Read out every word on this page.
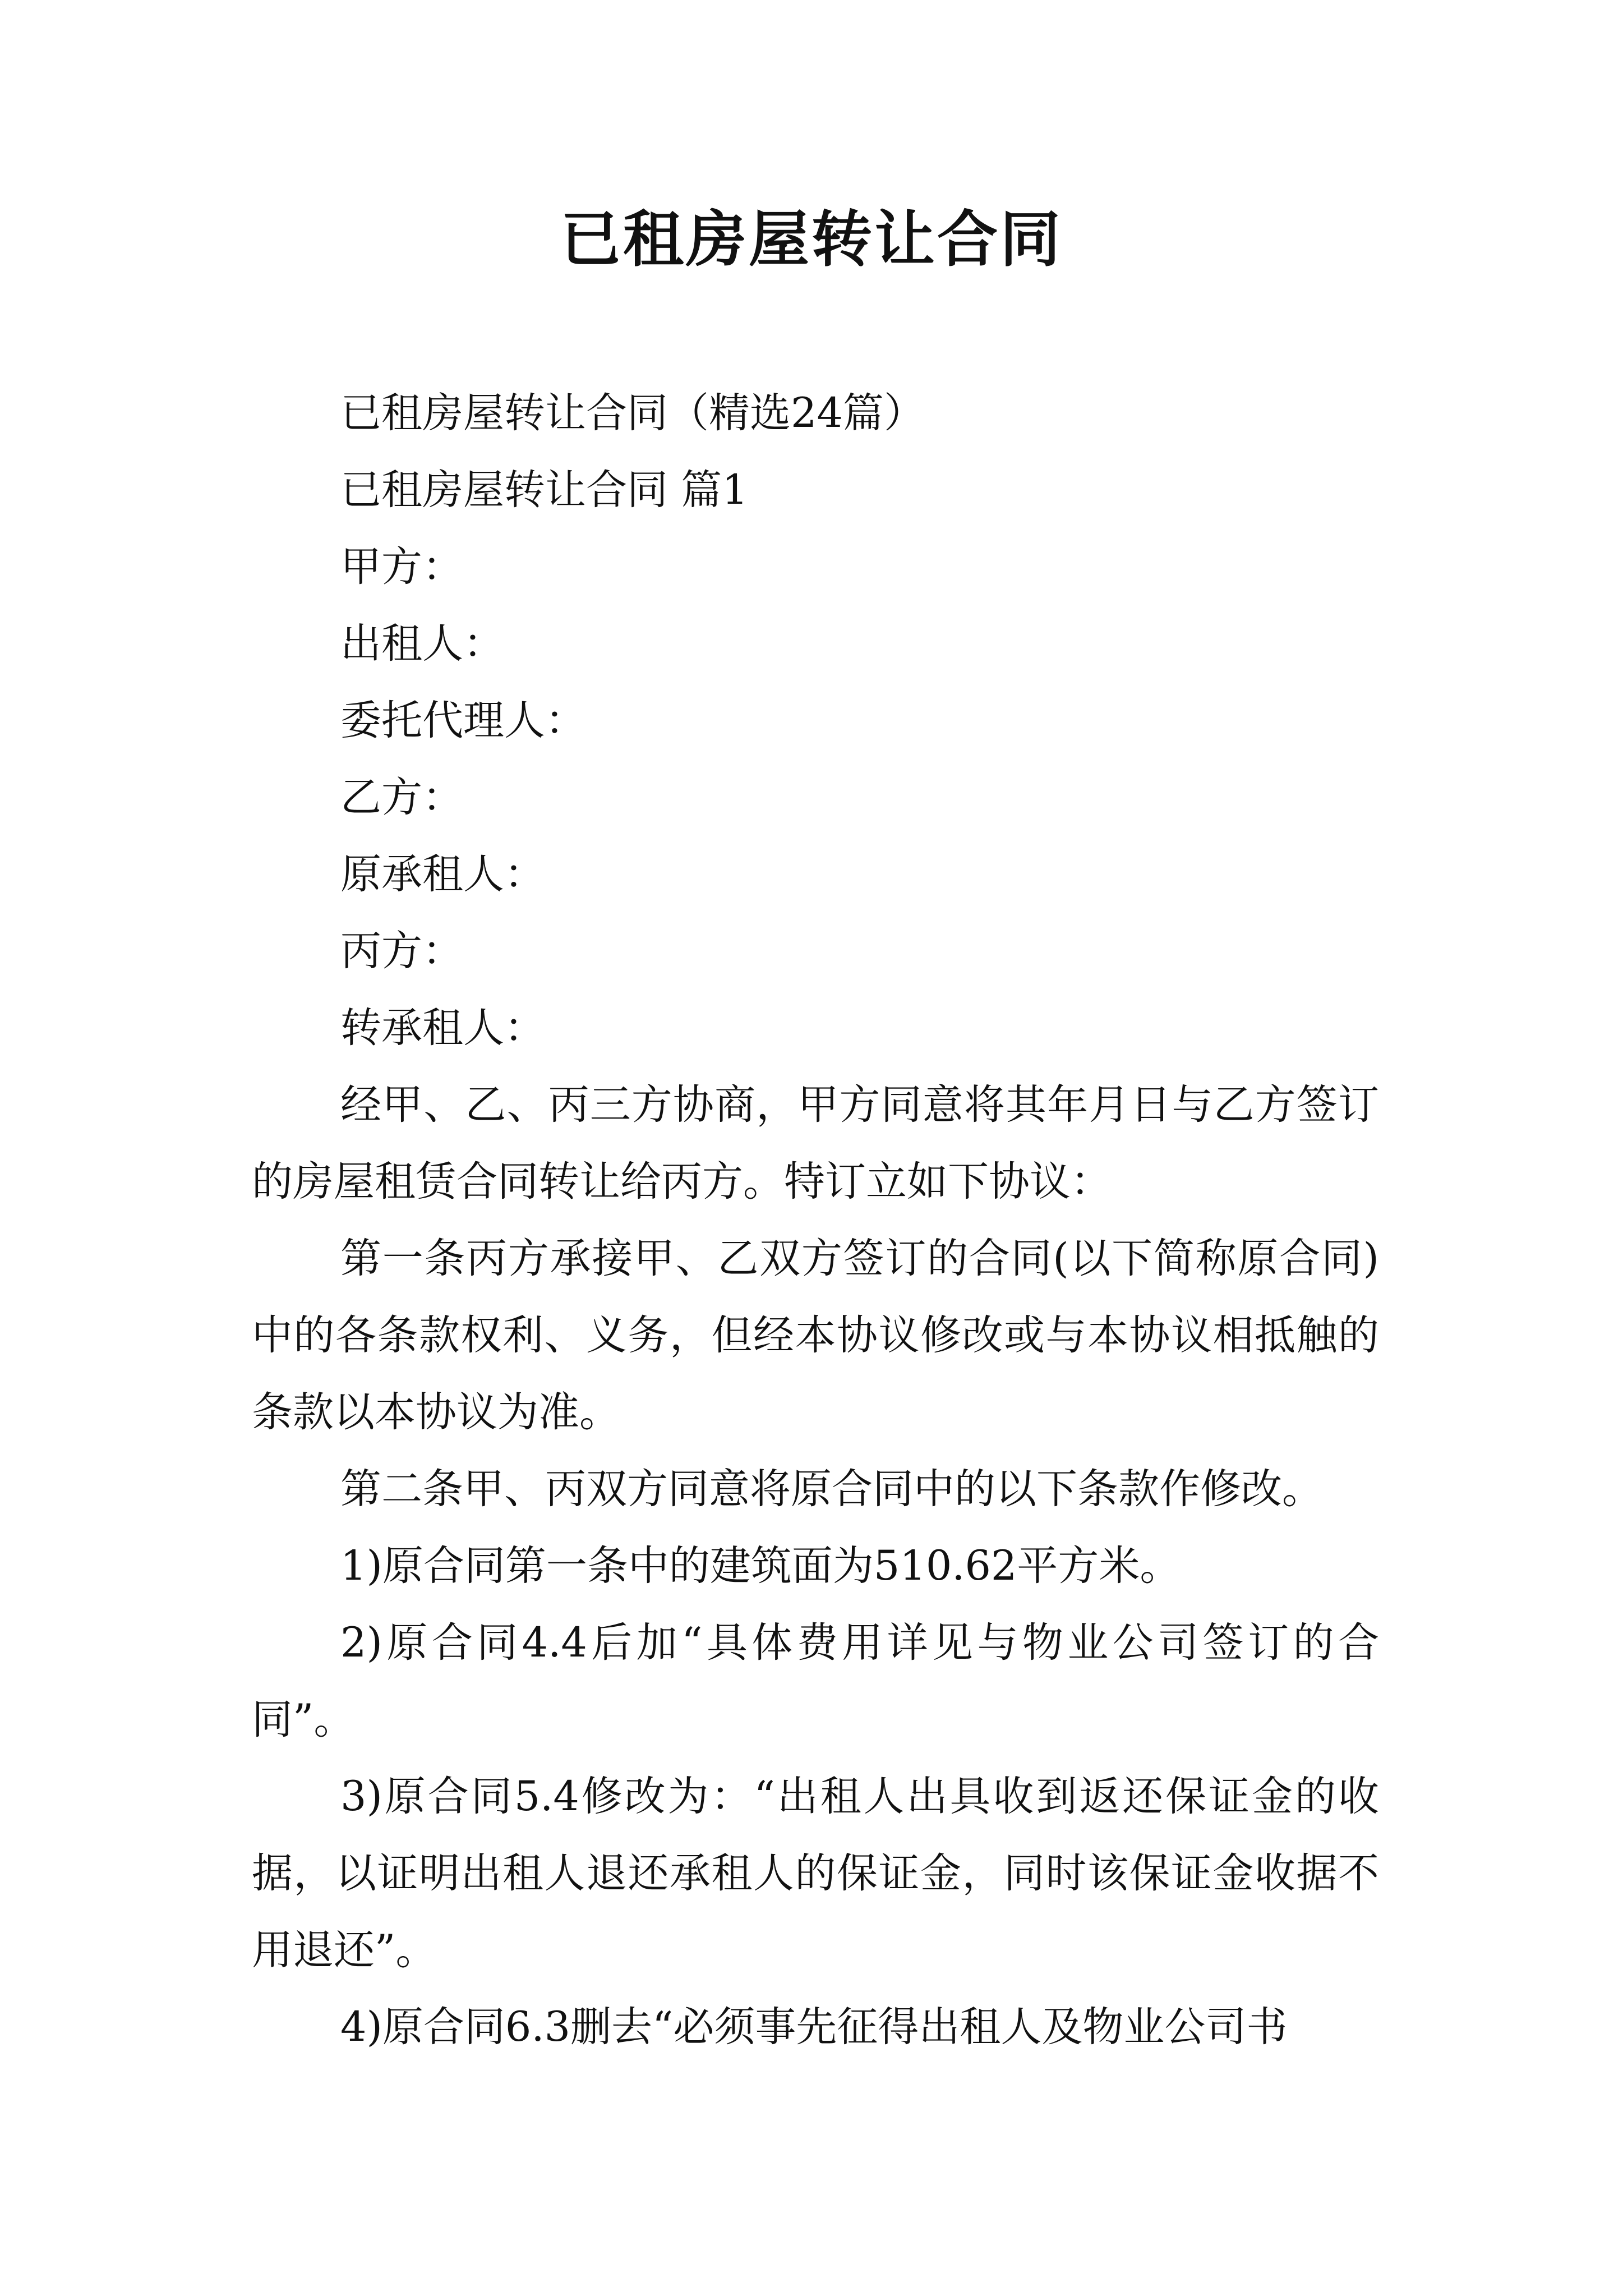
已租房屋转让合同
已租房屋转让合同（精选24篇）
已租房屋转让合同 篇1
甲方：
出租人：
委托代理人：
乙方：
原承租人：
丙方：
转承租人：
经甲、乙、丙三方协商，甲方同意将其年月日与乙方签订的房屋租赁合同转让给丙方。特订立如下协议：
第一条丙方承接甲、乙双方签订的合同(以下简称原合同)中的各条款权利、义务，但经本协议修改或与本协议相抵触的条款以本协议为准。
第二条甲、丙双方同意将原合同中的以下条款作修改。
1)原合同第一条中的建筑面为510.62平方米。
2)原合同4.4后加“具体费用详见与物业公司签订的合同”。
3)原合同5.4修改为：“出租人出具收到返还保证金的收据，以证明出租人退还承租人的保证金，同时该保证金收据不用退还”。
4)原合同6.3删去“必须事先征得出租人及物业公司书
